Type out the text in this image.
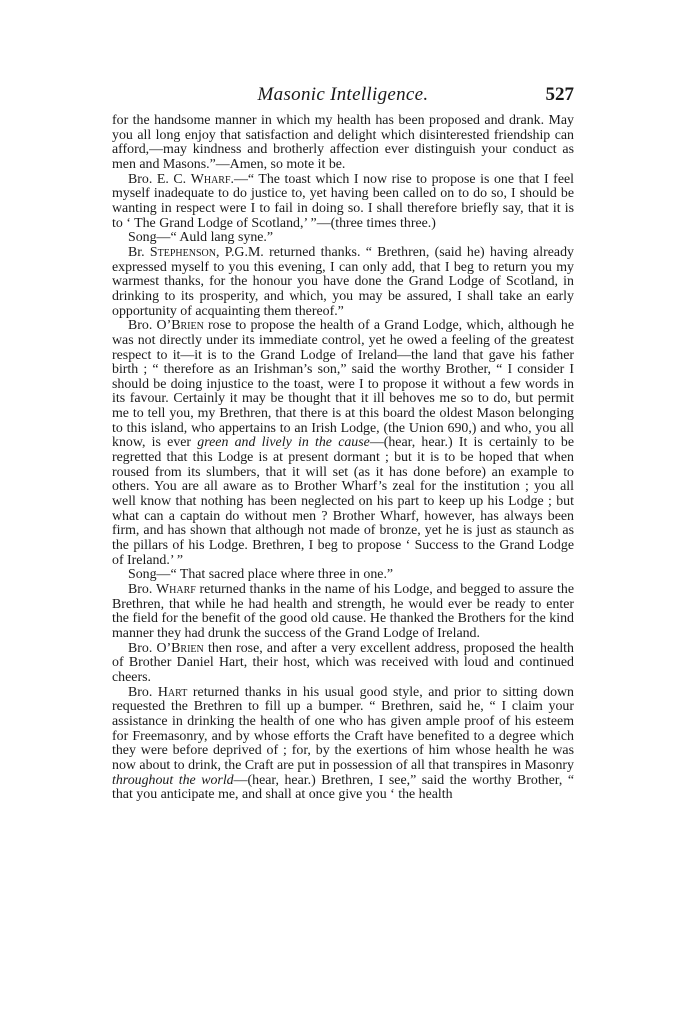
Masonic Intelligence.	527

for the handsome manner in which my health has been proposed and drank. May you all long enjoy that satisfaction and delight which disinterested friendship can afford,—may kindness and brotherly affection ever distinguish your conduct as men and Masons.”—Amen, so mote it be.

Bro. E. C. Wharf.—“ The toast which I now rise to propose is one that I feel myself inadequate to do justice to, yet having been called on to do so, I should be wanting in respect were I to fail in doing so. I shall therefore briefly say, that it is to ‘ The Grand Lodge of Scotland,’ ”—(three times three.)

Song—“ Auld lang syne.”

Br. Stephenson, P.G.M. returned thanks. “ Brethren, (said he) having already expressed myself to you this evening, I can only add, that I beg to return you my warmest thanks, for the honour you have done the Grand Lodge of Scotland, in drinking to its prosperity, and which, you may be assured, I shall take an early opportunity of acquainting them thereof.”

Bro. O’Brien rose to propose the health of a Grand Lodge, which, although he was not directly under its immediate control, yet he owed a feeling of the greatest respect to it—it is to the Grand Lodge of Ireland—the land that gave his father birth ; “ therefore as an Irishman’s son,” said the worthy Brother, “ I consider I should be doing injustice to the toast, were I to propose it without a few words in its favour. Certainly it may be thought that it ill behoves me so to do, but permit me to tell you, my Brethren, that there is at this board the oldest Mason belonging to this island, who appertains to an Irish Lodge, (the Union 690,) and who, you all know, is ever green and lively in the cause—(hear, hear.) It is certainly to be regretted that this Lodge is at present dormant ; but it is to be hoped that when roused from its slumbers, that it will set (as it has done before) an example to others. You are all aware as to Brother Wharf’s zeal for the institution ; you all well know that nothing has been neglected on his part to keep up his Lodge ; but what can a captain do without men ? Brother Wharf, however, has always been firm, and has shown that although not made of bronze, yet he is just as staunch as the pillars of his Lodge. Brethren, I beg to propose ‘ Success to the Grand Lodge of Ireland.’ ”

Song—“ That sacred place where three in one.”

Bro. Wharf returned thanks in the name of his Lodge, and begged to assure the Brethren, that while he had health and strength, he would ever be ready to enter the field for the benefit of the good old cause. He thanked the Brothers for the kind manner they had drunk the success of the Grand Lodge of Ireland.

Bro. O’Brien then rose, and after a very excellent address, proposed the health of Brother Daniel Hart, their host, which was received with loud and continued cheers.

Bro. Hart returned thanks in his usual good style, and prior to sitting down requested the Brethren to fill up a bumper. “ Brethren, said he, “ I claim your assistance in drinking the health of one who has given ample proof of his esteem for Freemasonry, and by whose efforts the Craft have benefited to a degree which they were before deprived of ; for, by the exertions of him whose health he was now about to drink, the Craft are put in possession of all that transpires in Masonry throughout the world—(hear, hear.) Brethren, I see,” said the worthy Brother, “ that you anticipate me, and shall at once give you ‘ the health
